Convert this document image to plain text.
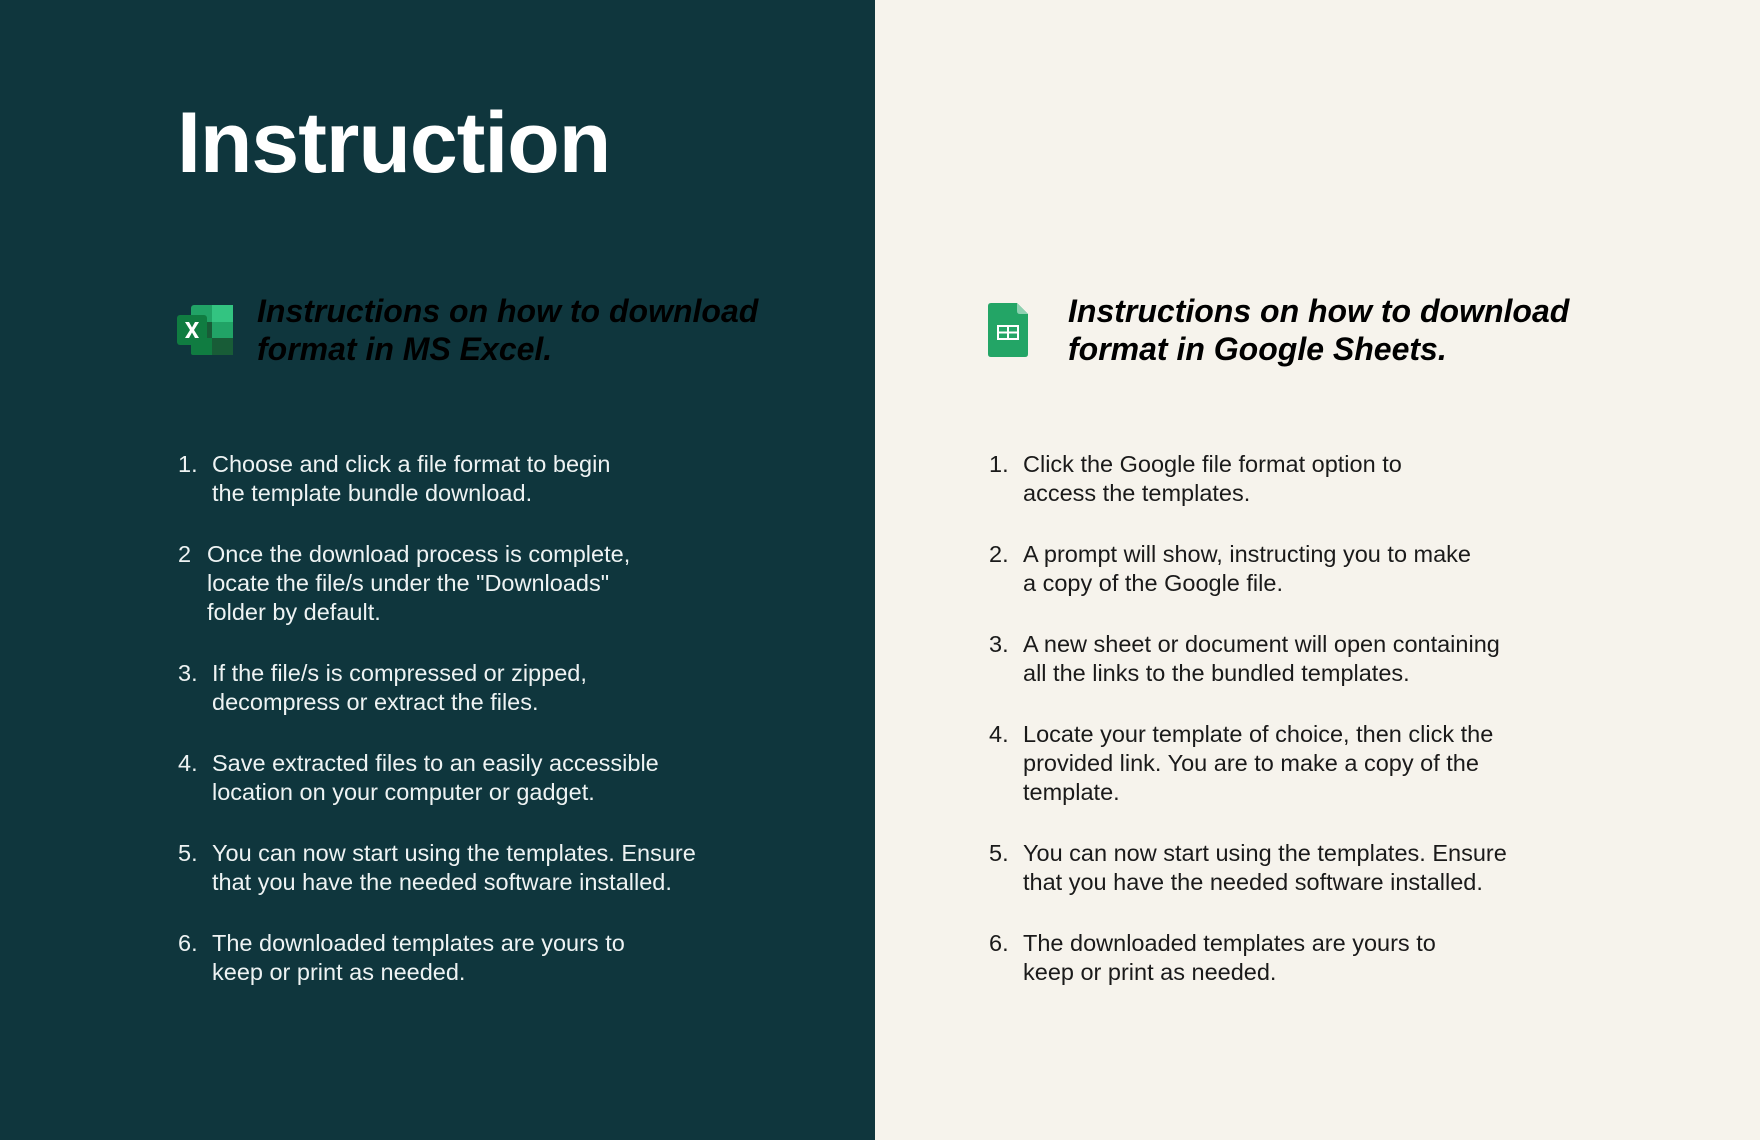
Instruction

Instructions on how to download
format in MS Excel.

Instructions on how to download
format in Google Sheets.

1. Choose and click a file format to begin
the template bundle download.
2 Once the download process is complete,
locate the file/s under the "Downloads"
folder by default.
3. If the file/s is compressed or zipped,
decompress or extract the files.
4. Save extracted files to an easily accessible
location on your computer or gadget.
5. You can now start using the templates. Ensure
that you have the needed software installed.
6. The downloaded templates are yours to
keep or print as needed.
1. Click the Google file format option to
access the templates.
2. A prompt will show, instructing you to make
a copy of the Google file.
3. A new sheet or document will open containing
all the links to the bundled templates.
4. Locate your template of choice, then click the
provided link. You are to make a copy of the
template.
5. You can now start using the templates. Ensure
that you have the needed software installed.
6. The downloaded templates are yours to
keep or print as needed.
